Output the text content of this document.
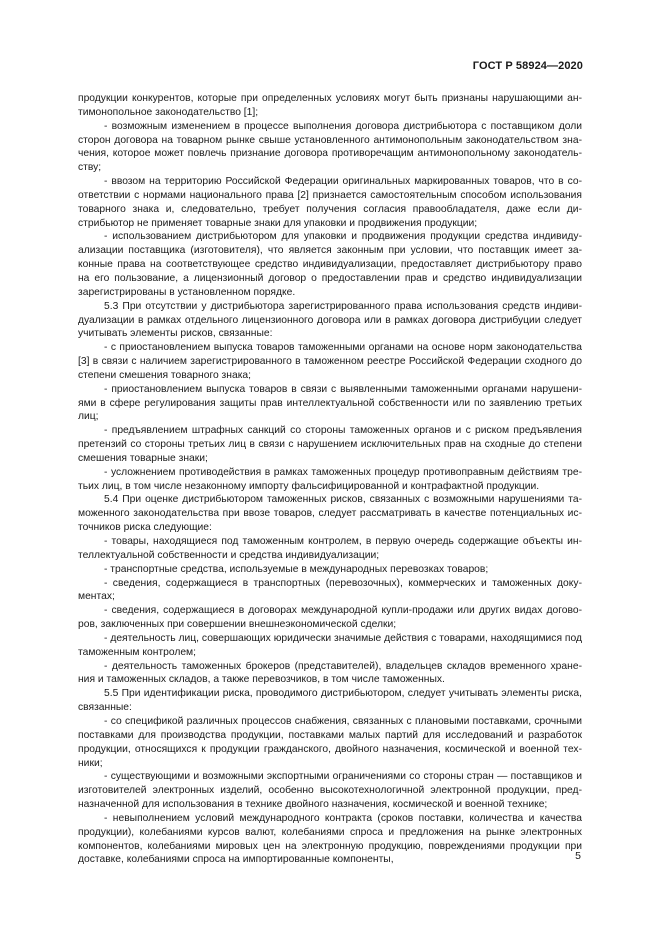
ГОСТ Р 58924—2020

продукции конкурентов, которые при определенных условиях могут быть признаны нарушающими антимонопольное законодательство [1];

- возможным изменением в процессе выполнения договора дистрибьютора с поставщиком доли сторон договора на товарном рынке свыше установленного антимонопольным законодательством значения, которое может повлечь признание договора противоречащим антимонопольному законодательству;

- ввозом на территорию Российской Федерации оригинальных маркированных товаров, что в соответствии с нормами национального права [2] признается самостоятельным способом использования товарного знака и, следовательно, требует получения согласия правообладателя, даже если дистрибьютор не применяет товарные знаки для упаковки и продвижения продукции;

- использованием дистрибьютором для упаковки и продвижения продукции средства индивидуализации поставщика (изготовителя), что является законным при условии, что поставщик имеет законные права на соответствующее средство индивидуализации, предоставляет дистрибьютору право на его пользование, а лицензионный договор о предоставлении прав и средство индивидуализации зарегистрированы в установленном порядке.

5.3 При отсутствии у дистрибьютора зарегистрированного права использования средств индивидуализации в рамках отдельного лицензионного договора или в рамках договора дистрибуции следует учитывать элементы рисков, связанные:

- с приостановлением выпуска товаров таможенными органами на основе норм законодательства [3] в связи с наличием зарегистрированного в таможенном реестре Российской Федерации сходного до степени смешения товарного знака;

- приостановлением выпуска товаров в связи с выявленными таможенными органами нарушениями в сфере регулирования защиты прав интеллектуальной собственности или по заявлению третьих лиц;

- предъявлением штрафных санкций со стороны таможенных органов и с риском предъявления претензий со стороны третьих лиц в связи с нарушением исключительных прав на сходные до степени смешения товарные знаки;

- усложнением противодействия в рамках таможенных процедур противоправным действиям третьих лиц, в том числе незаконному импорту фальсифицированной и контрафактной продукции.

5.4 При оценке дистрибьютором таможенных рисков, связанных с возможными нарушениями таможенного законодательства при ввозе товаров, следует рассматривать в качестве потенциальных источников риска следующие:

- товары, находящиеся под таможенным контролем, в первую очередь содержащие объекты интеллектуальной собственности и средства индивидуализации;

- транспортные средства, используемые в международных перевозках товаров;

- сведения, содержащиеся в транспортных (перевозочных), коммерческих и таможенных документах;

- сведения, содержащиеся в договорах международной купли-продажи или других видах договоров, заключенных при совершении внешнеэкономической сделки;

- деятельность лиц, совершающих юридически значимые действия с товарами, находящимися под таможенным контролем;

- деятельность таможенных брокеров (представителей), владельцев складов временного хранения и таможенных складов, а также перевозчиков, в том числе таможенных.

5.5 При идентификации риска, проводимого дистрибьютором, следует учитывать элементы риска, связанные:

- со спецификой различных процессов снабжения, связанных с плановыми поставками, срочными поставками для производства продукции, поставками малых партий для исследований и разработок продукции, относящихся к продукции гражданского, двойного назначения, космической и военной техники;

- существующими и возможными экспортными ограничениями со стороны стран — поставщиков и изготовителей электронных изделий, особенно высокотехнологичной электронной продукции, предназначенной для использования в технике двойного назначения, космической и военной технике;

- невыполнением условий международного контракта (сроков поставки, количества и качества продукции), колебаниями курсов валют, колебаниями спроса и предложения на рынке электронных компонентов, колебаниями мировых цен на электронную продукцию, повреждениями продукции при доставке, колебаниями спроса на импортированные компоненты,	5
